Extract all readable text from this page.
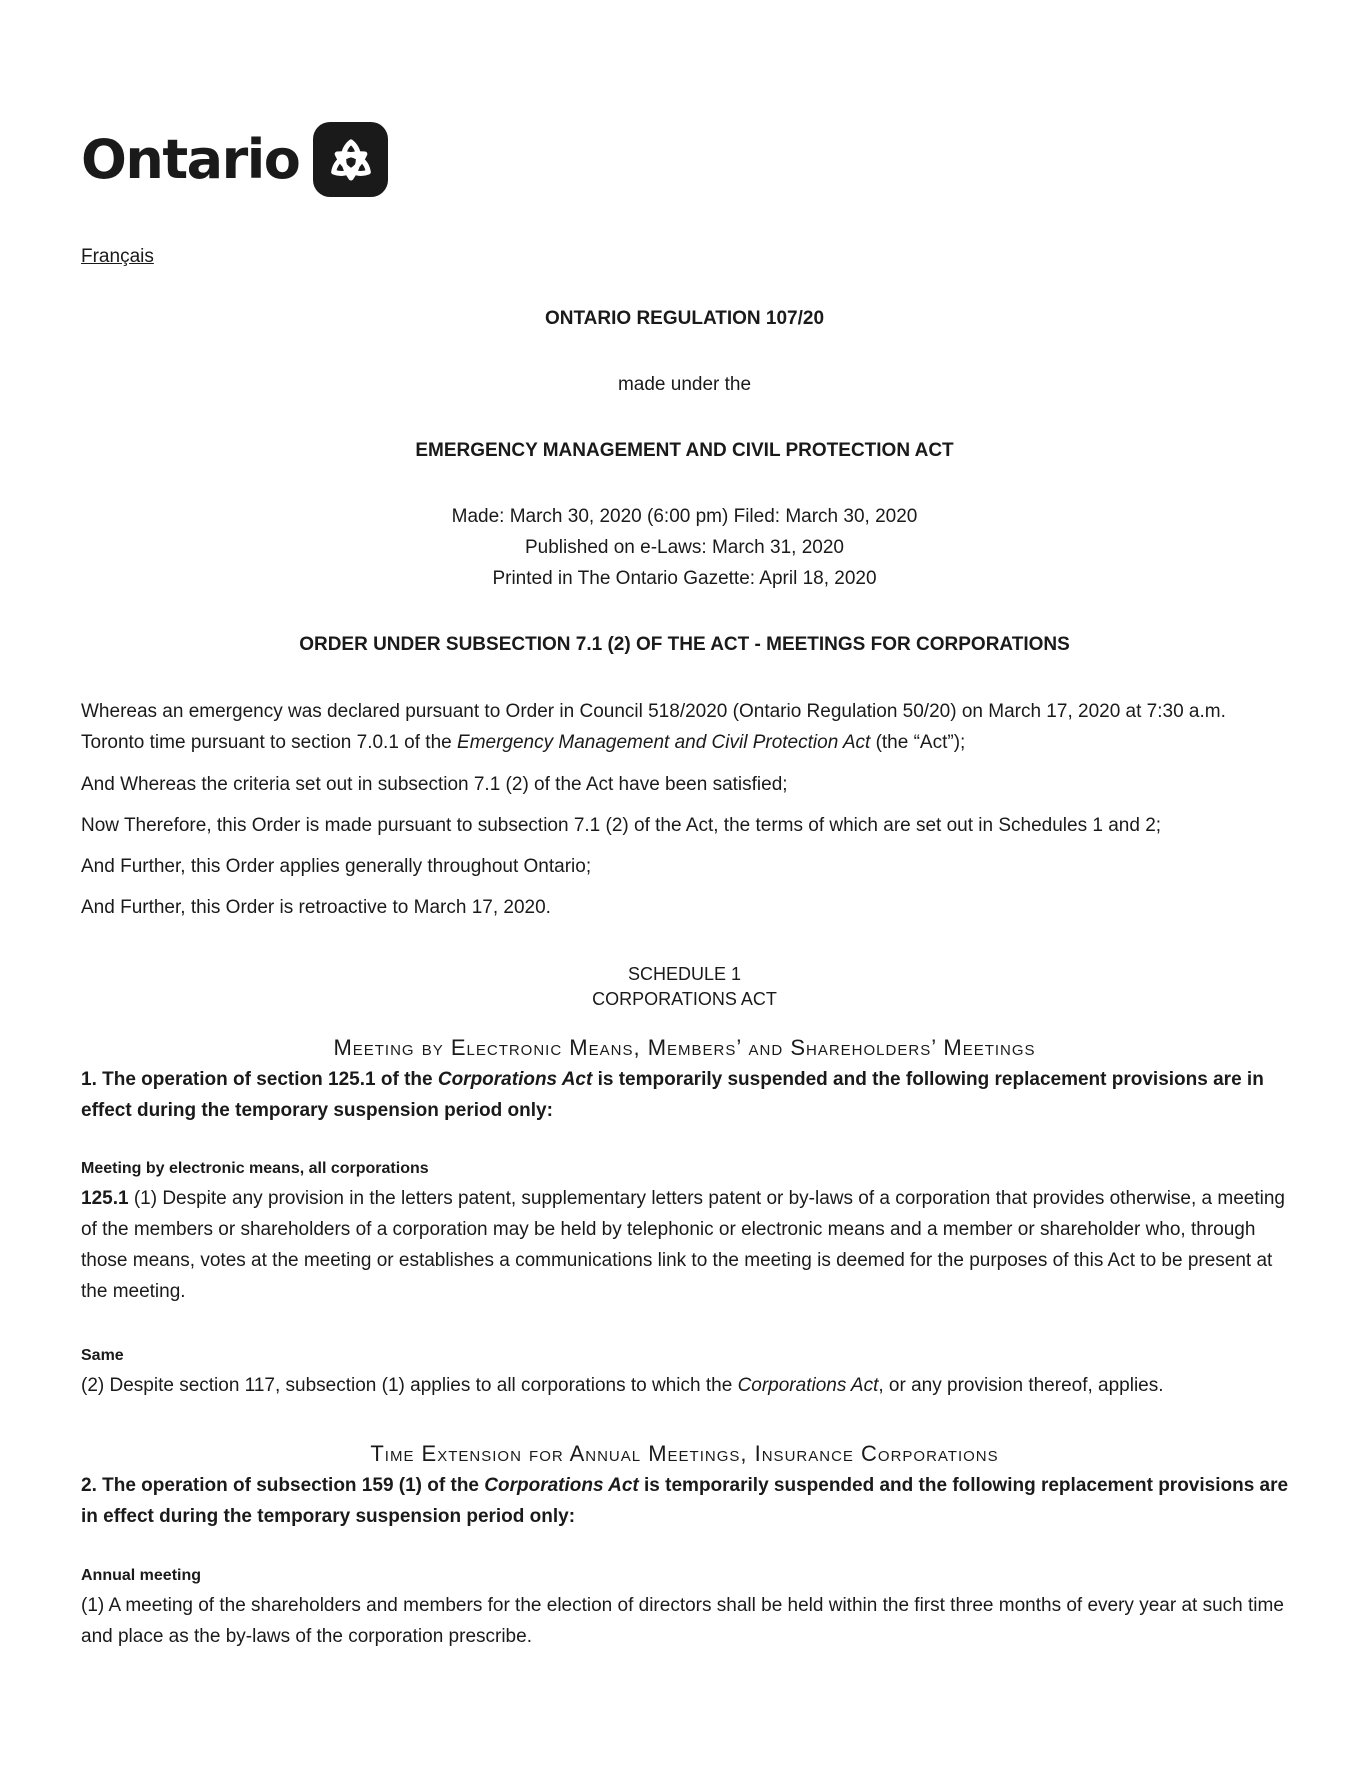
Ontario
Français
ONTARIO REGULATION 107/20
made under the
EMERGENCY MANAGEMENT AND CIVIL PROTECTION ACT
Made: March 30, 2020 (6:00 pm) Filed: March 30, 2020
Published on e-Laws: March 31, 2020
Printed in The Ontario Gazette: April 18, 2020
ORDER UNDER SUBSECTION 7.1 (2) OF THE ACT - MEETINGS FOR CORPORATIONS
Whereas an emergency was declared pursuant to Order in Council 518/2020 (Ontario Regulation 50/20) on March 17, 2020 at 7:30 a.m. Toronto time pursuant to section 7.0.1 of the Emergency Management and Civil Protection Act (the “Act”);
And Whereas the criteria set out in subsection 7.1 (2) of the Act have been satisfied;
Now Therefore, this Order is made pursuant to subsection 7.1 (2) of the Act, the terms of which are set out in Schedules 1 and 2;
And Further, this Order applies generally throughout Ontario;
And Further, this Order is retroactive to March 17, 2020.
SCHEDULE 1
CORPORATIONS ACT
Meeting by Electronic Means, Members’ and Shareholders’ Meetings
1. The operation of section 125.1 of the Corporations Act is temporarily suspended and the following replacement provisions are in effect during the temporary suspension period only:
Meeting by electronic means, all corporations
125.1 (1) Despite any provision in the letters patent, supplementary letters patent or by-laws of a corporation that provides otherwise, a meeting of the members or shareholders of a corporation may be held by telephonic or electronic means and a member or shareholder who, through those means, votes at the meeting or establishes a communications link to the meeting is deemed for the purposes of this Act to be present at the meeting.
Same
(2) Despite section 117, subsection (1) applies to all corporations to which the Corporations Act, or any provision thereof, applies.
Time Extension for Annual Meetings, Insurance Corporations
2. The operation of subsection 159 (1) of the Corporations Act is temporarily suspended and the following replacement provisions are in effect during the temporary suspension period only:
Annual meeting
(1) A meeting of the shareholders and members for the election of directors shall be held within the first three months of every year at such time and place as the by-laws of the corporation prescribe.
